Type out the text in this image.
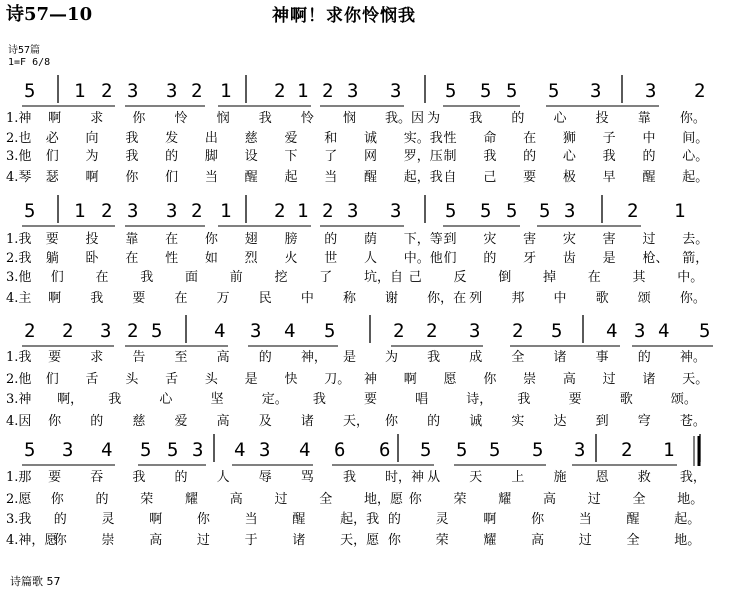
诗57—10	神啊！求你怜悯我
诗57篇
1=F 6/8
5 1 2 3 3 2 1 2 1 2 3 3 5 5 5 5 3 3 2
1.神 啊 求 你 怜 悯 我 怜 悯 我。因 为 我 的 心 投 靠 你。
2.也 必 向 我 发 出 慈 爱 和 诚 实。我 性 命 在 狮 子 中 间。
3.他 们 为 我 的 脚 设 下 了 网 罗，压 制 我 的 心 我 的 心。
4.琴 瑟 啊 你 们 当 醒 起 当 醒 起，我 自 己 要 极 早 醒 起。
5 1 2 3 3 2 1 2 1 2 3 3 5 5 5 5 3	2 1
1.我 要 投 靠 在 你 翅 膀 的 荫 下，等 到 灾 害 灾 害 过 去。
2.我 躺 卧 在 性 如 烈 火 世 人 中。他 们 的 牙 齿 是 枪、 箭，
3.他 们 在 我 面 前 挖 了 坑，自 己 反 倒 掉 在 其 中。
4.主 啊 我 要 在 万 民 中 称 谢 你，在 列 邦 中 歌 颂 你。
2 2 3 2 5	4 3 4 5	2 2 3 2 5 4 3 4 5
1.我 要 求 告 至 高 的 神， 是 为 我 成 全 诸 事 的 神。
2.他 们 舌 头 舌 头 是 快 刀。 神 啊 愿 你 崇 高 过 诸 天。
3.神 啊， 我	心	坚	定。 我	要	唱	诗， 我	要	歌	颂。
4.因 你 的 慈 爱 高 及 诸 天， 你 的 诚 实 达 到 穹 苍。
5 3 4 5 5 3 4 3 4 6 6 5 5 5 5 3 2 1
1.那 要 吞 我 的 人 辱 骂 我 时，神 从 天 上 施 恩 救 我，
2.愿 你 的 荣 耀 高 过 全 地，愿 你 荣 耀 高 过 全 地。
3.我 的	灵	啊	你	当	醒	起，我 的	灵	啊	你	当	醒	起。
4.神，愿
你	崇	高	过	于	诸	天，愿 你	荣	耀	高	过	全	地。
诗篇歌 57
